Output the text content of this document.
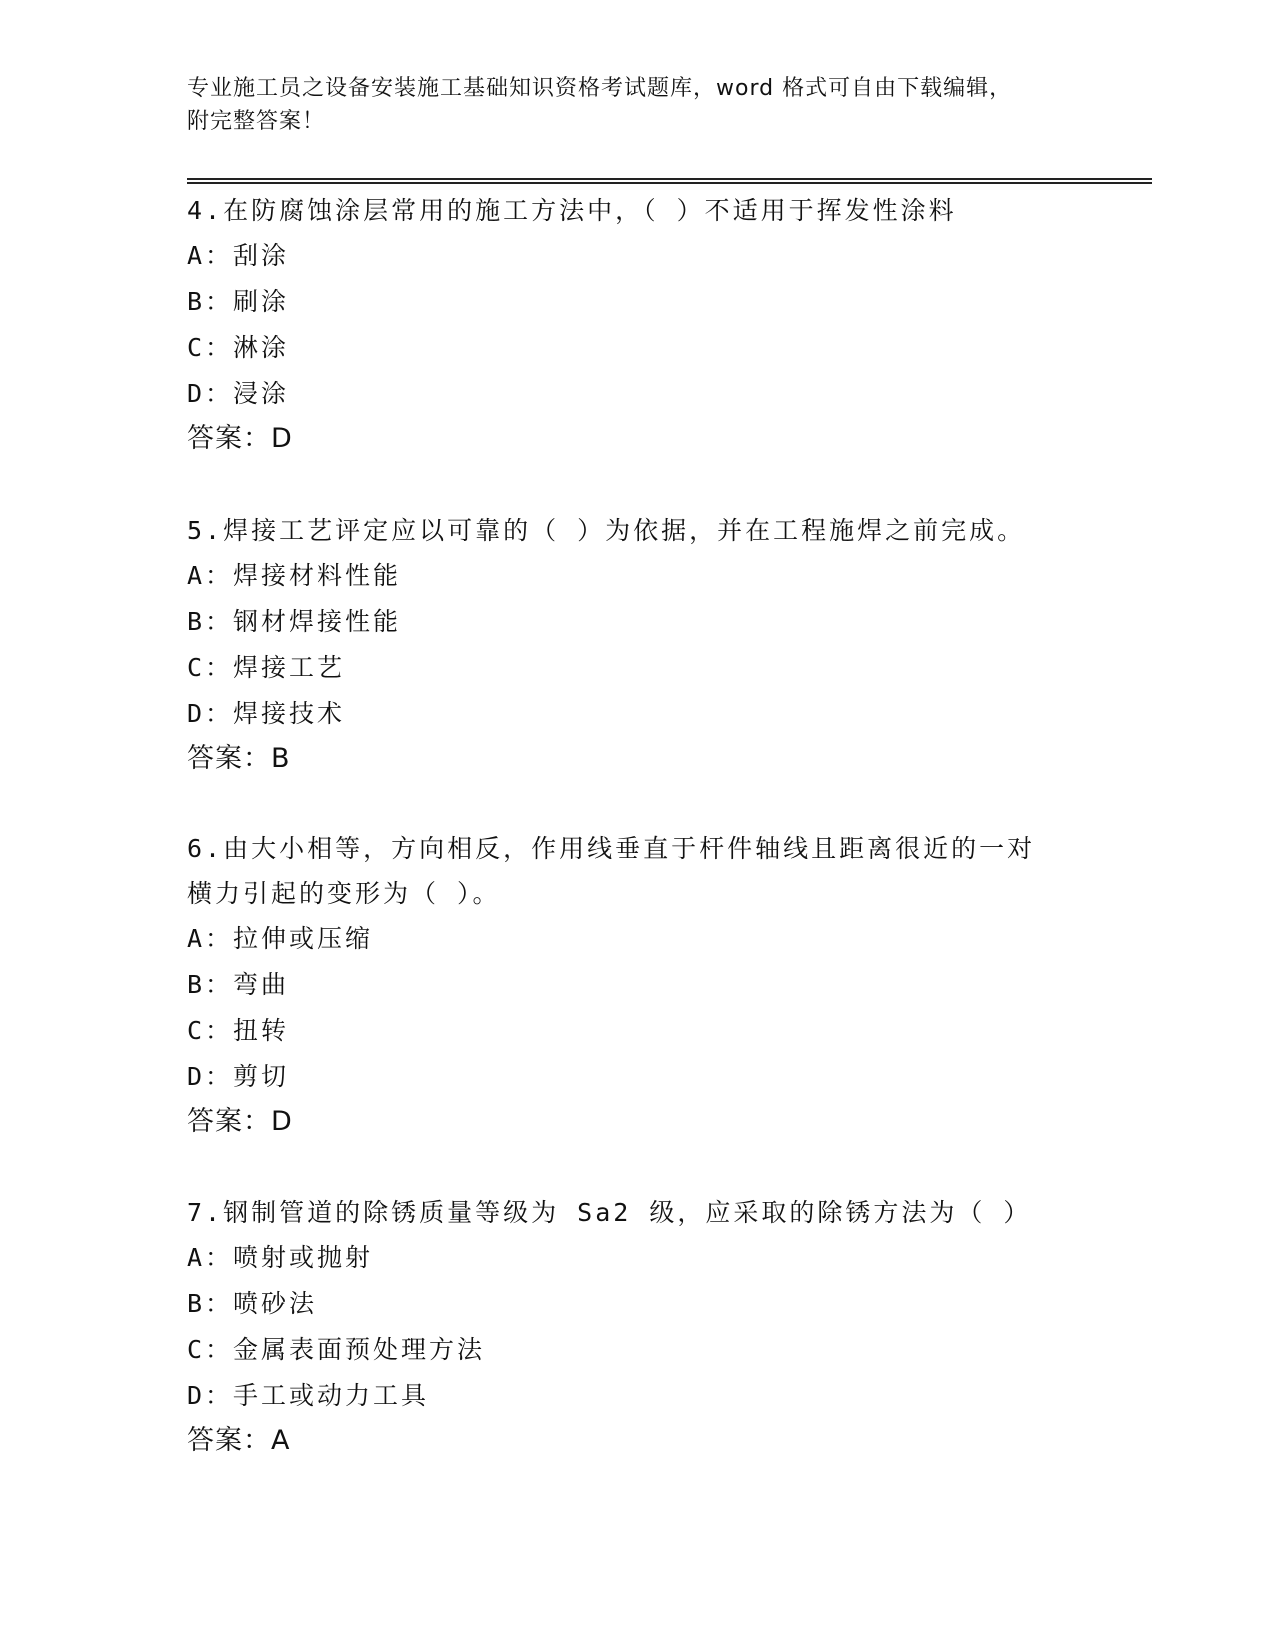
专业施工员之设备安装施工基础知识资格考试题库，word 格式可自由下载编辑，
附完整答案！

4.在防腐蚀涂层常用的施工方法中，（ ）不适用于挥发性涂料

A：刮涂

B：刷涂

C：淋涂

D：浸涂

答案：D

5.焊接工艺评定应以可靠的（ ）为依据，并在工程施焊之前完成。

A：焊接材料性能

B：钢材焊接性能

C：焊接工艺

D：焊接技术

答案：B

6.由大小相等，方向相反，作用线垂直于杆件轴线且距离很近的一对横力引起的变形为（ ）。

A：拉伸或压缩

B：弯曲

C：扭转

D：剪切

答案：D

7.钢制管道的除锈质量等级为 Sa2 级，应采取的除锈方法为（ ）

A：喷射或抛射

B：喷砂法

C：金属表面预处理方法

D：手工或动力工具

答案：A
